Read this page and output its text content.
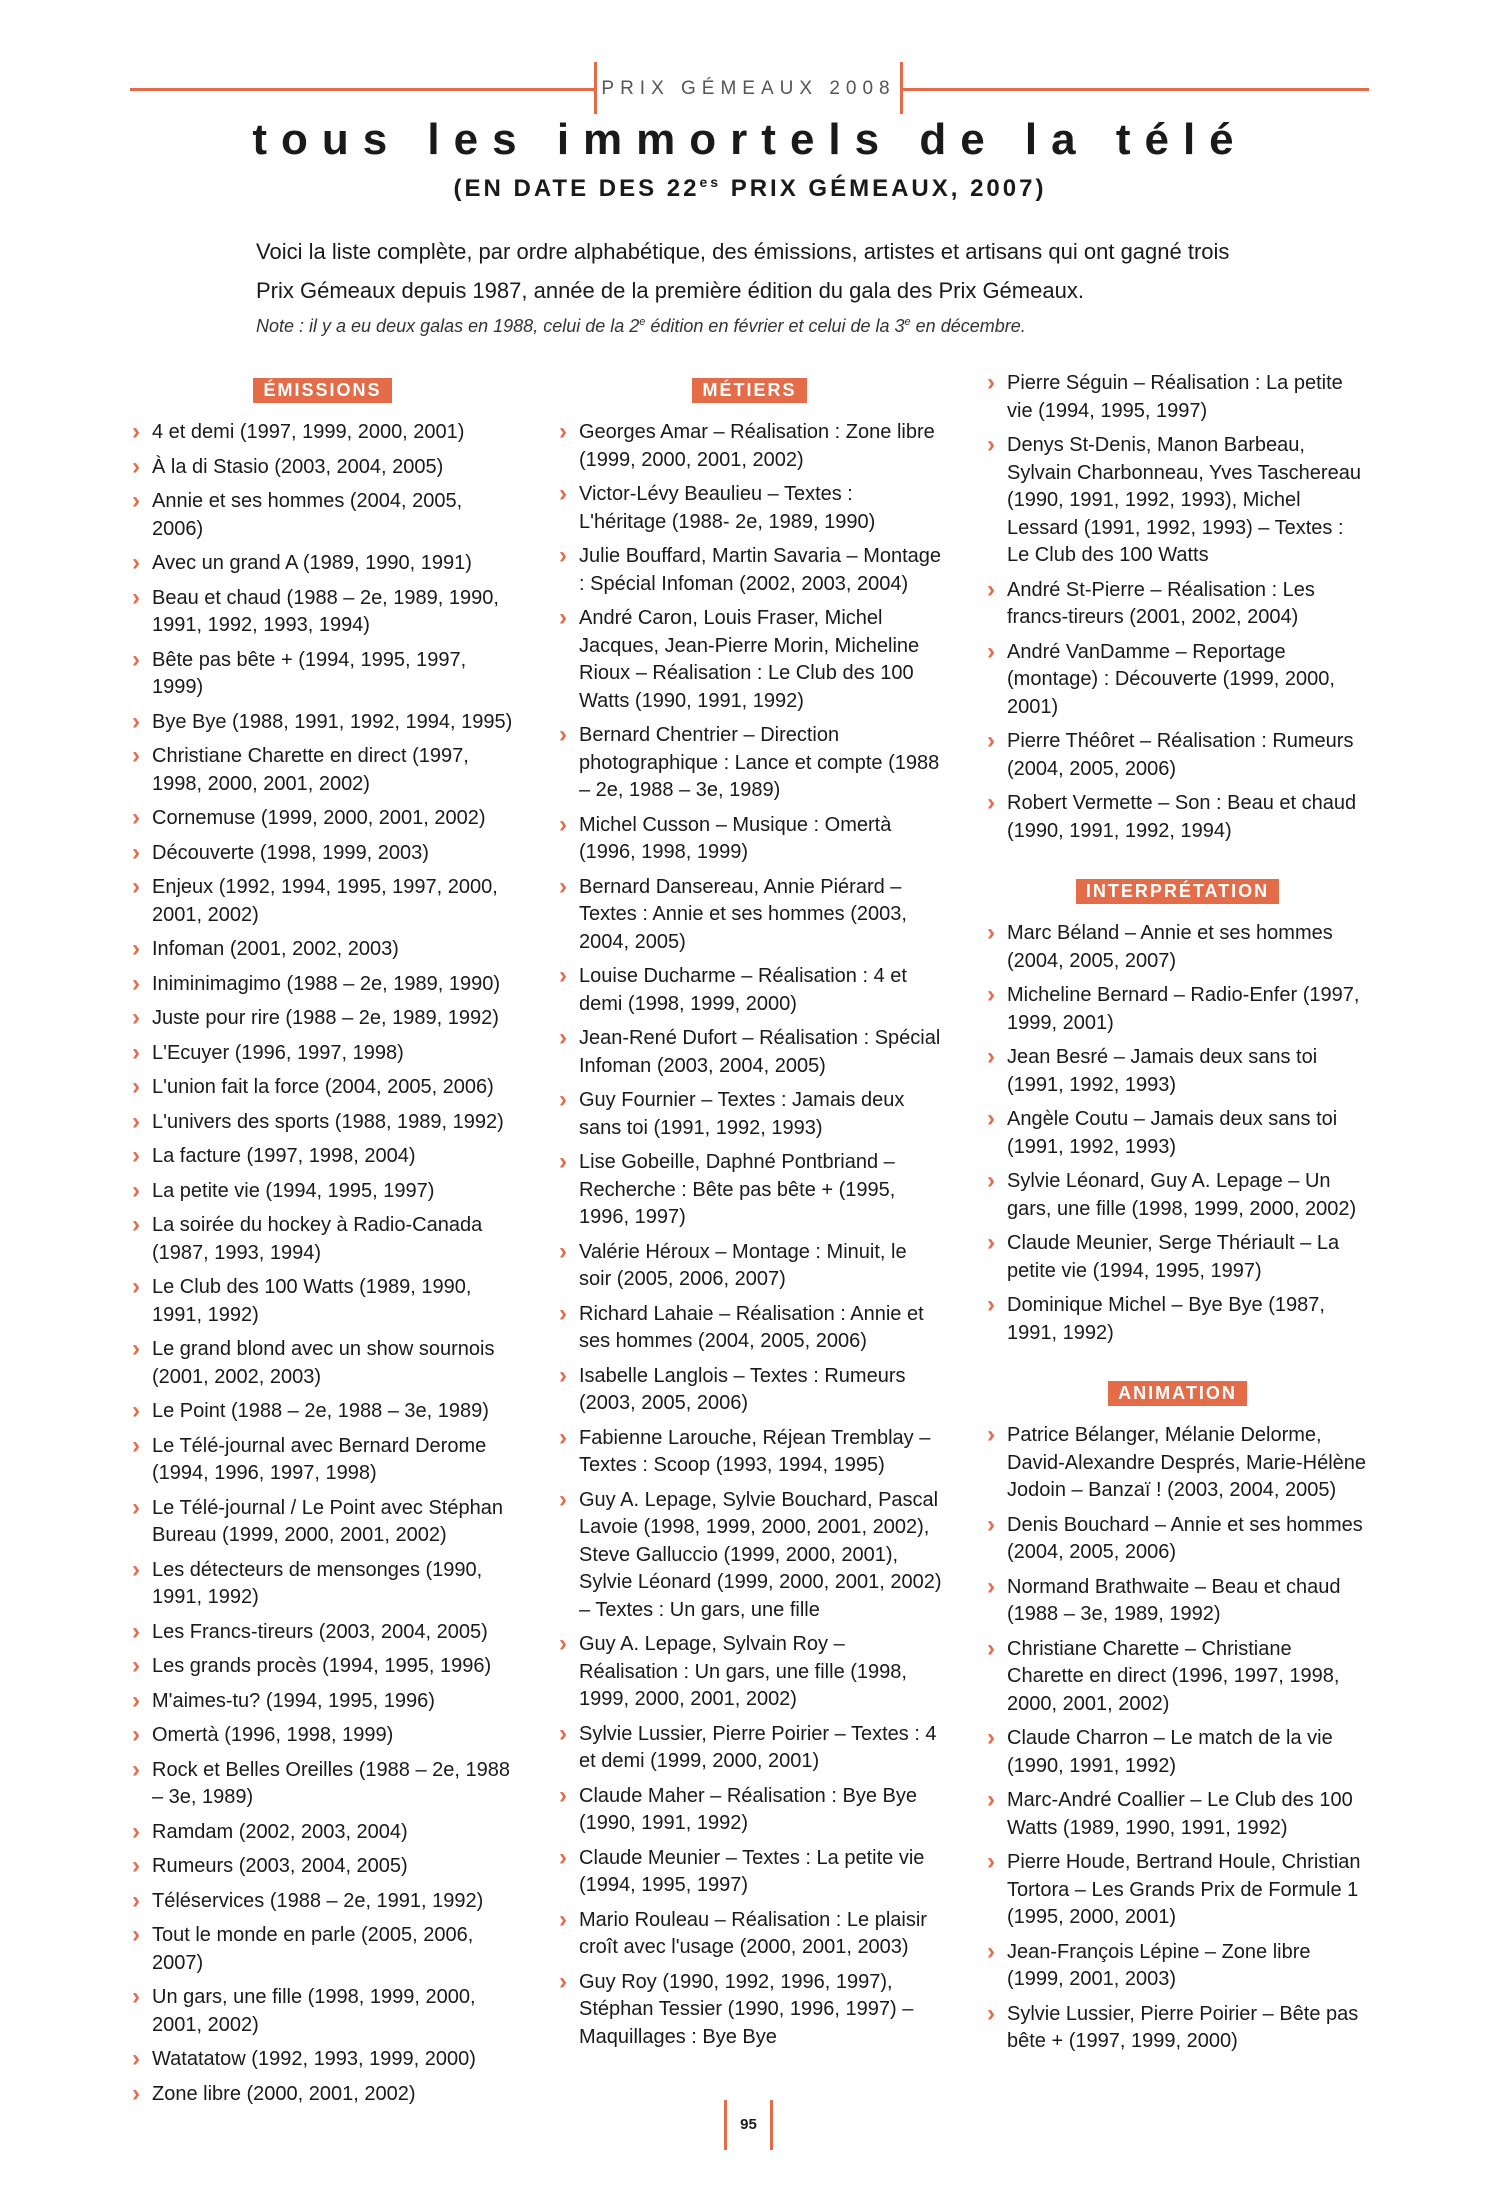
PRIX GÉMEAUX 2008
tous les immortels de la télé
(EN DATE DES $22^{es}$ PRIX GÉMEAUX, 2007)
Voici la liste complète, par ordre alphabétique, des émissions, artistes et artisans qui ont gagné trois Prix Gémeaux depuis 1987, année de la première édition du gala des Prix Gémeaux.
Note : il y a eu deux galas en 1988, celui de la 2e édition en février et celui de la 3e en décembre.
ÉMISSIONS
› 4 et demi (1997, 1999, 2000, 2001)
› À la di Stasio (2003, 2004, 2005)
› Annie et ses hommes (2004, 2005, 2006)
› Avec un grand A (1989, 1990, 1991)
› Beau et chaud (1988 – 2e, 1989, 1990, 1991, 1992, 1993, 1994)
› Bête pas bête + (1994, 1995, 1997, 1999)
› Bye Bye (1988, 1991, 1992, 1994, 1995)
› Christiane Charette en direct (1997, 1998, 2000, 2001, 2002)
› Cornemuse (1999, 2000, 2001, 2002)
› Découverte (1998, 1999, 2003)
› Enjeux (1992, 1994, 1995, 1997, 2000, 2001, 2002)
› Infoman (2001, 2002, 2003)
› Iniminimagimo (1988 – 2e, 1989, 1990)
› Juste pour rire (1988 – 2e, 1989, 1992)
› L'Ecuyer (1996, 1997, 1998)
› L'union fait la force (2004, 2005, 2006)
› L'univers des sports (1988, 1989, 1992)
› La facture (1997, 1998, 2004)
› La petite vie (1994, 1995, 1997)
› La soirée du hockey à Radio-Canada (1987, 1993, 1994)
› Le Club des 100 Watts (1989, 1990, 1991, 1992)
› Le grand blond avec un show sournois (2001, 2002, 2003)
› Le Point (1988 – 2e, 1988 – 3e, 1989)
› Le Télé-journal avec Bernard Derome (1994, 1996, 1997, 1998)
› Le Télé-journal / Le Point avec Stéphan Bureau (1999, 2000, 2001, 2002)
› Les détecteurs de mensonges (1990, 1991, 1992)
› Les Francs-tireurs (2003, 2004, 2005)
› Les grands procès (1994, 1995, 1996)
› M'aimes-tu? (1994, 1995, 1996)
› Omertà (1996, 1998, 1999)
› Rock et Belles Oreilles (1988 – 2e, 1988 – 3e, 1989)
› Ramdam (2002, 2003, 2004)
› Rumeurs (2003, 2004, 2005)
› Téléservices (1988 – 2e, 1991, 1992)
› Tout le monde en parle (2005, 2006, 2007)
› Un gars, une fille (1998, 1999, 2000, 2001, 2002)
› Watatatow (1992, 1993, 1999, 2000)
› Zone libre (2000, 2001, 2002)
MÉTIERS
› Georges Amar – Réalisation : Zone libre (1999, 2000, 2001, 2002)
› Victor-Lévy Beaulieu – Textes : L'héritage (1988- 2e, 1989, 1990)
› Julie Bouffard, Martin Savaria – Montage : Spécial Infoman (2002, 2003, 2004)
› André Caron, Louis Fraser, Michel Jacques, Jean-Pierre Morin, Micheline Rioux – Réalisation : Le Club des 100 Watts (1990, 1991, 1992)
› Bernard Chentrier – Direction photographique : Lance et compte (1988 – 2e, 1988 – 3e, 1989)
› Michel Cusson – Musique : Omertà (1996, 1998, 1999)
› Bernard Dansereau, Annie Piérard – Textes : Annie et ses hommes (2003, 2004, 2005)
› Louise Ducharme – Réalisation : 4 et demi (1998, 1999, 2000)
› Jean-René Dufort – Réalisation : Spécial Infoman (2003, 2004, 2005)
› Guy Fournier – Textes : Jamais deux sans toi (1991, 1992, 1993)
› Lise Gobeille, Daphné Pontbriand – Recherche : Bête pas bête + (1995, 1996, 1997)
› Valérie Héroux – Montage : Minuit, le soir (2005, 2006, 2007)
› Richard Lahaie – Réalisation : Annie et ses hommes (2004, 2005, 2006)
› Isabelle Langlois – Textes : Rumeurs (2003, 2005, 2006)
› Fabienne Larouche, Réjean Tremblay – Textes : Scoop (1993, 1994, 1995)
› Guy A. Lepage, Sylvie Bouchard, Pascal Lavoie (1998, 1999, 2000, 2001, 2002), Steve Galluccio (1999, 2000, 2001), Sylvie Léonard (1999, 2000, 2001, 2002) – Textes : Un gars, une fille
› Guy A. Lepage, Sylvain Roy – Réalisation : Un gars, une fille (1998, 1999, 2000, 2001, 2002)
› Sylvie Lussier, Pierre Poirier – Textes : 4 et demi (1999, 2000, 2001)
› Claude Maher – Réalisation : Bye Bye (1990, 1991, 1992)
› Claude Meunier – Textes : La petite vie (1994, 1995, 1997)
› Mario Rouleau – Réalisation : Le plaisir croît avec l'usage (2000, 2001, 2003)
› Guy Roy (1990, 1992, 1996, 1997), Stéphan Tessier (1990, 1996, 1997) – Maquillages : Bye Bye
› Pierre Séguin – Réalisation : La petite vie (1994, 1995, 1997)
› Denys St-Denis, Manon Barbeau, Sylvain Charbonneau, Yves Taschereau (1990, 1991, 1992, 1993), Michel Lessard (1991, 1992, 1993) – Textes : Le Club des 100 Watts
› André St-Pierre – Réalisation : Les francs-tireurs (2001, 2002, 2004)
› André VanDamme – Reportage (montage) : Découverte (1999, 2000, 2001)
› Pierre Théôret – Réalisation : Rumeurs (2004, 2005, 2006)
› Robert Vermette – Son : Beau et chaud (1990, 1991, 1992, 1994)
INTERPRÉTATION
› Marc Béland – Annie et ses hommes (2004, 2005, 2007)
› Micheline Bernard – Radio-Enfer (1997, 1999, 2001)
› Jean Besré – Jamais deux sans toi (1991, 1992, 1993)
› Angèle Coutu – Jamais deux sans toi (1991, 1992, 1993)
› Sylvie Léonard, Guy A. Lepage – Un gars, une fille (1998, 1999, 2000, 2002)
› Claude Meunier, Serge Thériault – La petite vie (1994, 1995, 1997)
› Dominique Michel – Bye Bye (1987, 1991, 1992)
ANIMATION
› Patrice Bélanger, Mélanie Delorme, David-Alexandre Després, Marie-Hélène Jodoin – Banzaï ! (2003, 2004, 2005)
› Denis Bouchard – Annie et ses hommes (2004, 2005, 2006)
› Normand Brathwaite – Beau et chaud (1988 – 3e, 1989, 1992)
› Christiane Charette – Christiane Charette en direct (1996, 1997, 1998, 2000, 2001, 2002)
› Claude Charron – Le match de la vie (1990, 1991, 1992)
› Marc-André Coallier – Le Club des 100 Watts (1989, 1990, 1991, 1992)
› Pierre Houde, Bertrand Houle, Christian Tortora – Les Grands Prix de Formule 1 (1995, 2000, 2001)
› Jean-François Lépine – Zone libre (1999, 2001, 2003)
› Sylvie Lussier, Pierre Poirier – Bête pas bête + (1997, 1999, 2000)
95
